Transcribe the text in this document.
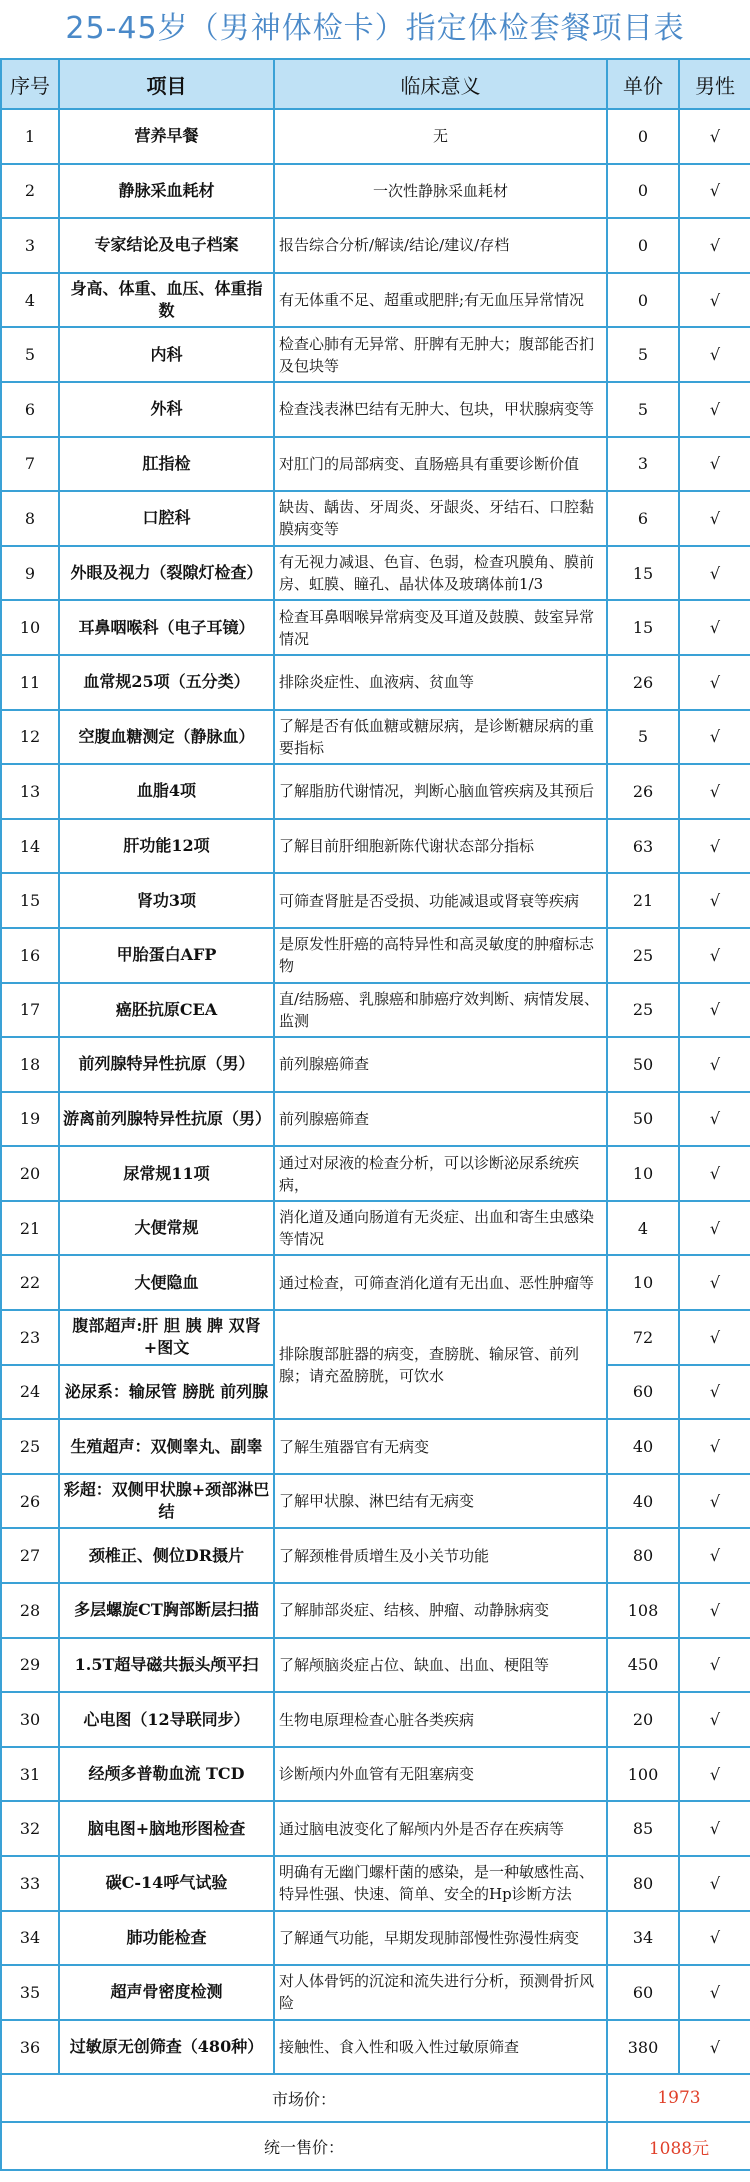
25-45岁（男神体检卡）指定体检套餐项目表
序号	项目	临床意义	单价	男性
1	营养早餐	无	0	√
2	静脉采血耗材	一次性静脉采血耗材	0	√
3	专家结论及电子档案	报告综合分析/解读/结论/建议/存档	0	√
4	身高、体重、血压、体重指数	有无体重不足、超重或肥胖;有无血压异常情况	0	√
5	内科	检查心肺有无异常、肝脾有无肿大；腹部能否扪及包块等	5	√
6	外科	检查浅表淋巴结有无肿大、包块，甲状腺病变等	5	√
7	肛指检	对肛门的局部病变、直肠癌具有重要诊断价值	3	√
8	口腔科	缺齿、龋齿、牙周炎、牙龈炎、牙结石、口腔黏膜病变等	6	√
9	外眼及视力（裂隙灯检查）	有无视力减退、色盲、色弱，检查巩膜角、膜前房、虹膜、瞳孔、晶状体及玻璃体前1/3	15	√
10	耳鼻咽喉科（电子耳镜）	检查耳鼻咽喉异常病变及耳道及鼓膜、鼓室异常情况	15	√
11	血常规25项（五分类）	排除炎症性、血液病、贫血等	26	√
12	空腹血糖测定（静脉血）	了解是否有低血糖或糖尿病，是诊断糖尿病的重要指标	5	√
13	血脂4项	了解脂肪代谢情况，判断心脑血管疾病及其预后	26	√
14	肝功能12项	了解目前肝细胞新陈代谢状态部分指标	63	√
15	肾功3项	可筛查肾脏是否受损、功能减退或肾衰等疾病	21	√
16	甲胎蛋白AFP	是原发性肝癌的高特异性和高灵敏度的肿瘤标志物	25	√
17	癌胚抗原CEA	直/结肠癌、乳腺癌和肺癌疗效判断、病情发展、监测	25	√
18	前列腺特异性抗原（男）	前列腺癌筛查	50	√
19	游离前列腺特异性抗原（男）	前列腺癌筛查	50	√
20	尿常规11项	通过对尿液的检查分析，可以诊断泌尿系统疾病，	10	√
21	大便常规	消化道及通向肠道有无炎症、出血和寄生虫感染等情况	4	√
22	大便隐血	通过检查，可筛查消化道有无出血、恶性肿瘤等	10	√
23	腹部超声:肝 胆 胰 脾 双肾+图文	排除腹部脏器的病变，查膀胱、输尿管、前列腺；请充盈膀胱，可饮水	72	√
24	泌尿系：输尿管 膀胱 前列腺		60	√
25	生殖超声：双侧睾丸、副睾	了解生殖器官有无病变	40	√
26	彩超：双侧甲状腺+颈部淋巴结	了解甲状腺、淋巴结有无病变	40	√
27	颈椎正、侧位DR摄片	了解颈椎骨质增生及小关节功能	80	√
28	多层螺旋CT胸部断层扫描	了解肺部炎症、结核、肿瘤、动静脉病变	108	√
29	1.5T超导磁共振头颅平扫	了解颅脑炎症占位、缺血、出血、梗阻等	450	√
30	心电图（12导联同步）	生物电原理检查心脏各类疾病	20	√
31	经颅多普勒血流 TCD	诊断颅内外血管有无阻塞病变	100	√
32	脑电图+脑地形图检查	通过脑电波变化了解颅内外是否存在疾病等	85	√
33	碳C-14呼气试验	明确有无幽门螺杆菌的感染，是一种敏感性高、特异性强、快速、简单、安全的Hp诊断方法	80	√
34	肺功能检查	了解通气功能，早期发现肺部慢性弥漫性病变	34	√
35	超声骨密度检测	对人体骨钙的沉淀和流失进行分析，预测骨折风险	60	√
36	过敏原无创筛查（480种）	接触性、食入性和吸入性过敏原筛查	380	√
市场价：			1973	
统一售价：			1088元	
